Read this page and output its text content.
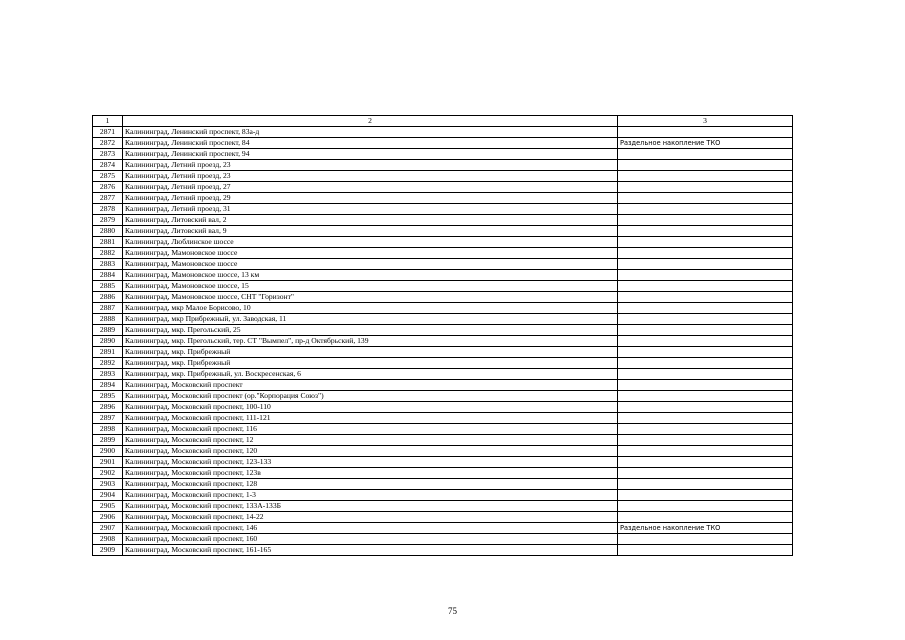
1	2	3
2871	Калининград, Ленинский проспект, 83а-д	
2872	Калининград, Ленинский проспект, 84	Раздельное накопление ТКО
2873	Калининград, Ленинский проспект, 94	
2874	Калининград, Летний проезд, 23	
2875	Калининград, Летний проезд, 23	
2876	Калининград, Летний проезд, 27	
2877	Калининград, Летний проезд, 29	
2878	Калининград, Летний проезд, 31	
2879	Калининград, Литовский вал, 2	
2880	Калининград, Литовский вал, 9	
2881	Калининград, Люблинское шоссе	
2882	Калининград, Мамоновское шоссе	
2883	Калининград, Мамоновское шоссе	
2884	Калининград, Мамоновское шоссе, 13 км	
2885	Калининград, Мамоновское шоссе, 15	
2886	Калининград, Мамоновское шоссе, СНТ "Горизонт"	
2887	Калининград, мкр Малое Борисово, 10	
2888	Калининград, мкр Прибрежный, ул. Заводская, 11	
2889	Калининград, мкр. Прегольский, 25	
2890	Калининград, мкр. Прегольский, тер. СТ "Вымпел", пр-д Октябрьский, 139	
2891	Калининград, мкр. Прибрежный	
2892	Калининград, мкр. Прибрежный	
2893	Калининград, мкр. Прибрежный, ул. Воскресенская, 6	
2894	Калининград, Московский проспект	
2895	Калининград, Московский проспект (ор."Корпорация Союз")	
2896	Калининград, Московский проспект, 100-110	
2897	Калининград, Московский проспект, 111-121	
2898	Калининград, Московский проспект, 116	
2899	Калининград, Московский проспект, 12	
2900	Калининград, Московский проспект, 120	
2901	Калининград, Московский проспект, 123-133	
2902	Калининград, Московский проспект, 123в	
2903	Калининград, Московский проспект, 128	
2904	Калининград, Московский проспект, 1-3	
2905	Калининград, Московский проспект, 133А-133Б	
2906	Калининград, Московский проспект, 14-22	
2907	Калининград, Московский проспект, 146	Раздельное накопление ТКО
2908	Калининград, Московский проспект, 160	
2909	Калининград, Московский проспект, 161-165	
75
